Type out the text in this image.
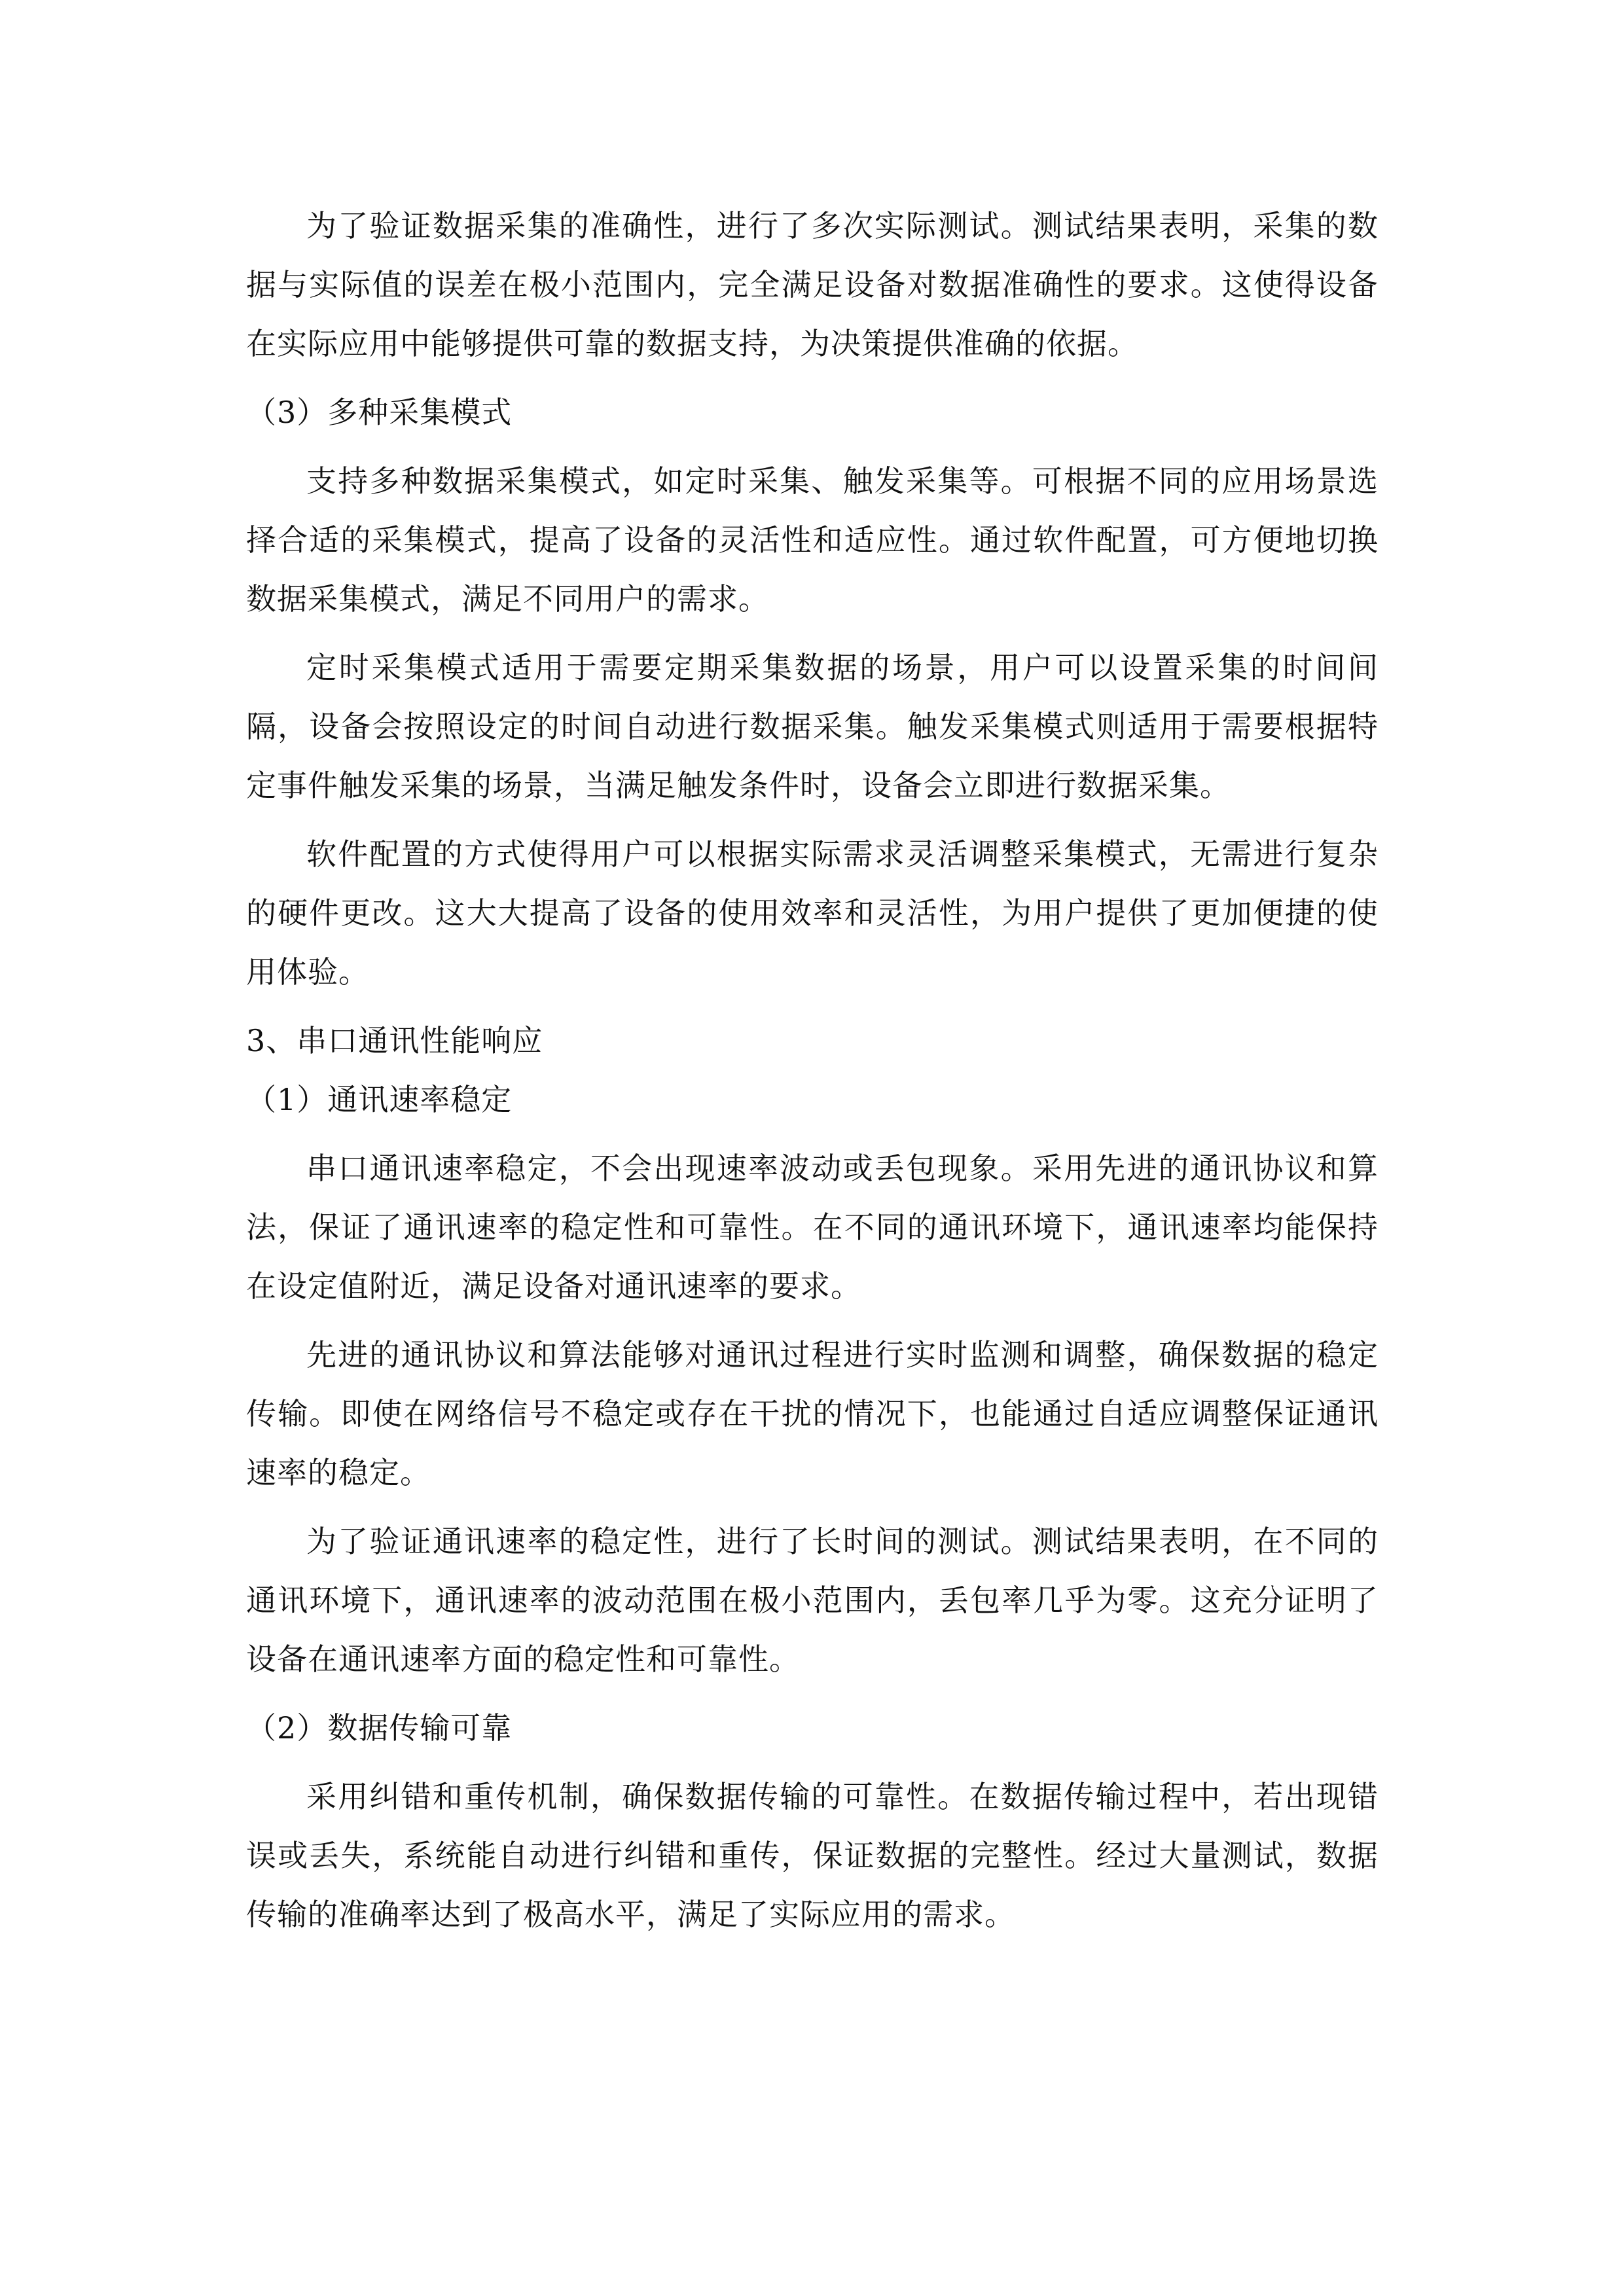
为了验证数据采集的准确性，进行了多次实际测试。测试结果表明，采集的数据与实际值的误差在极小范围内，完全满足设备对数据准确性的要求。这使得设备在实际应用中能够提供可靠的数据支持，为决策提供准确的依据。

（3）多种采集模式

支持多种数据采集模式，如定时采集、触发采集等。可根据不同的应用场景选择合适的采集模式，提高了设备的灵活性和适应性。通过软件配置，可方便地切换数据采集模式，满足不同用户的需求。

定时采集模式适用于需要定期采集数据的场景，用户可以设置采集的时间间隔，设备会按照设定的时间自动进行数据采集。触发采集模式则适用于需要根据特定事件触发采集的场景，当满足触发条件时，设备会立即进行数据采集。

软件配置的方式使得用户可以根据实际需求灵活调整采集模式，无需进行复杂的硬件更改。这大大提高了设备的使用效率和灵活性，为用户提供了更加便捷的使用体验。

3、串口通讯性能响应

（1）通讯速率稳定

串口通讯速率稳定，不会出现速率波动或丢包现象。采用先进的通讯协议和算法，保证了通讯速率的稳定性和可靠性。在不同的通讯环境下，通讯速率均能保持在设定值附近，满足设备对通讯速率的要求。

先进的通讯协议和算法能够对通讯过程进行实时监测和调整，确保数据的稳定传输。即使在网络信号不稳定或存在干扰的情况下，也能通过自适应调整保证通讯速率的稳定。

为了验证通讯速率的稳定性，进行了长时间的测试。测试结果表明，在不同的通讯环境下，通讯速率的波动范围在极小范围内，丢包率几乎为零。这充分证明了设备在通讯速率方面的稳定性和可靠性。

（2）数据传输可靠

采用纠错和重传机制，确保数据传输的可靠性。在数据传输过程中，若出现错误或丢失，系统能自动进行纠错和重传，保证数据的完整性。经过大量测试，数据传输的准确率达到了极高水平，满足了实际应用的需求。
